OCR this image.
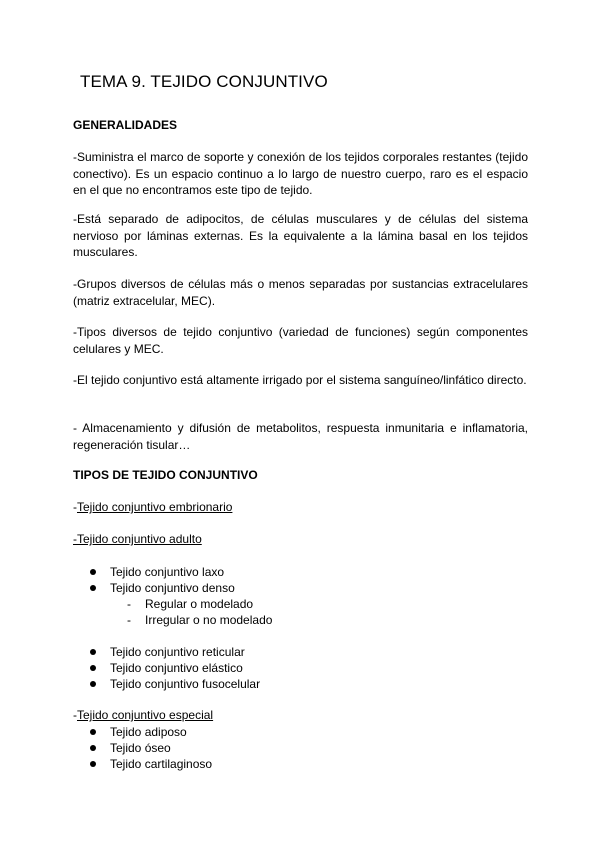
TEMA 9. TEJIDO CONJUNTIVO
GENERALIDADES

-Suministra el marco de soporte y conexión de los tejidos corporales restantes (tejido conectivo). Es un espacio continuo a lo largo de nuestro cuerpo, raro es el espacio en el que no encontramos este tipo de tejido.

-Está separado de adipocitos, de células musculares y de células del sistema nervioso por láminas externas. Es la equivalente a la lámina basal en los tejidos musculares.

-Grupos diversos de células más o menos separadas por sustancias extracelulares (matriz extracelular, MEC).

-Tipos diversos de tejido conjuntivo (variedad de funciones) según componentes celulares y MEC.

-El tejido conjuntivo está altamente irrigado por el sistema sanguíneo/linfático directo.

- Almacenamiento y difusión de metabolitos, respuesta inmunitaria e inflamatoria, regeneración tisular…

TIPOS DE TEJIDO CONJUNTIVO

-Tejido conjuntivo embrionario

-Tejido conjuntivo adulto

Tejido conjuntivo laxo
Tejido conjuntivo denso
- Regular o modelado
- Irregular o no modelado
Tejido conjuntivo reticular
Tejido conjuntivo elástico
Tejido conjuntivo fusocelular

-Tejido conjuntivo especial

Tejido adiposo
Tejido óseo
Tejido cartilaginoso
